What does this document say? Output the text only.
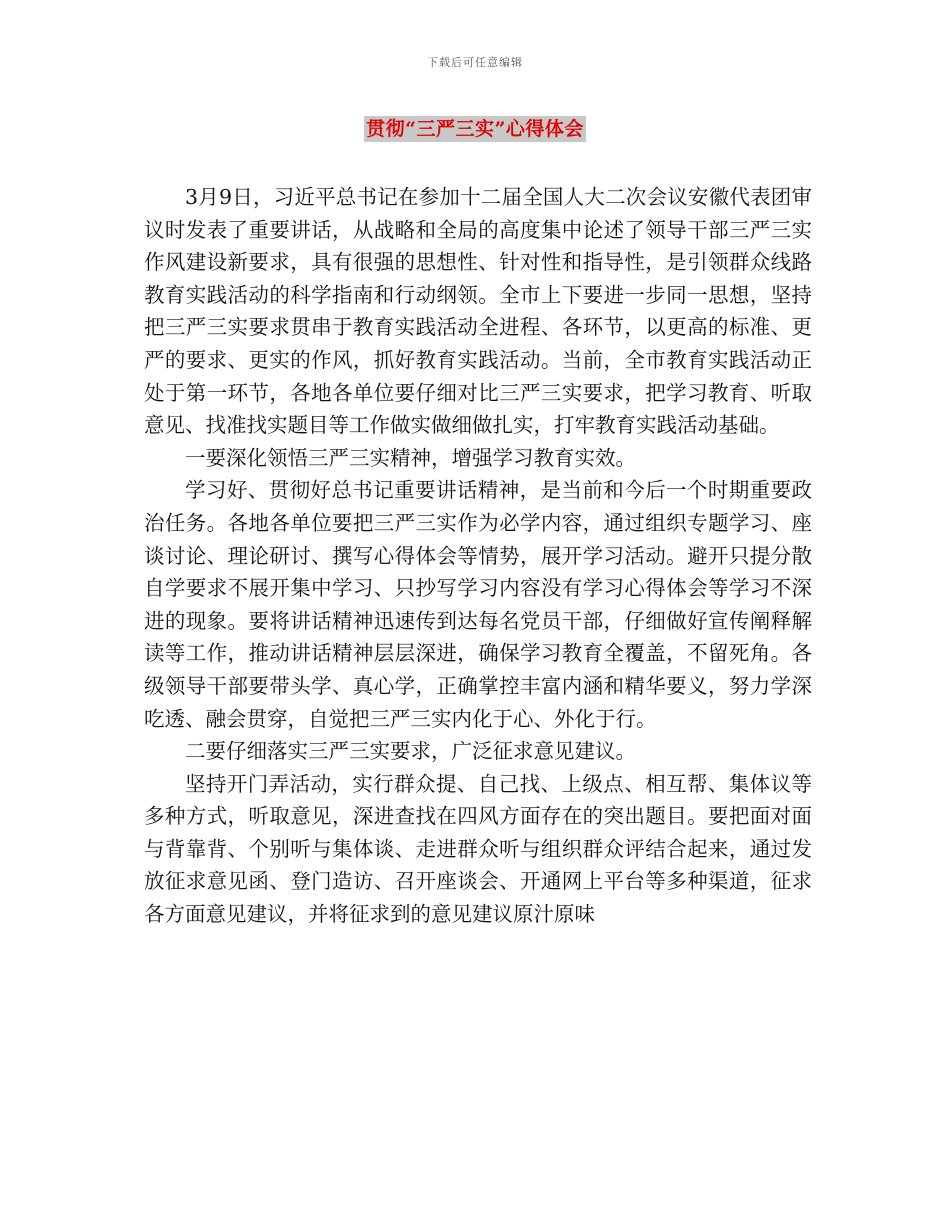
下载后可任意编辑
贯彻“三严三实”心得体会

3月9日，习近平总书记在参加十二届全国人大二次会议安徽代表团审议时发表了重要讲话，从战略和全局的高度集中论述了领导干部三严三实作风建设新要求，具有很强的思想性、针对性和指导性，是引领群众线路教育实践活动的科学指南和行动纲领。全市上下要进一步同一思想，坚持把三严三实要求贯串于教育实践活动全进程、各环节，以更高的标准、更严的要求、更实的作风，抓好教育实践活动。当前，全市教育实践活动正处于第一环节，各地各单位要仔细对比三严三实要求，把学习教育、听取意见、找准找实题目等工作做实做细做扎实，打牢教育实践活动基础。

一要深化领悟三严三实精神，增强学习教育实效。

学习好、贯彻好总书记重要讲话精神，是当前和今后一个时期重要政治任务。各地各单位要把三严三实作为必学内容，通过组织专题学习、座谈讨论、理论研讨、撰写心得体会等情势，展开学习活动。避开只提分散自学要求不展开集中学习、只抄写学习内容没有学习心得体会等学习不深进的现象。要将讲话精神迅速传到达每名党员干部，仔细做好宣传阐释解读等工作，推动讲话精神层层深进，确保学习教育全覆盖，不留死角。各级领导干部要带头学、真心学，正确掌控丰富内涵和精华要义，努力学深吃透、融会贯穿，自觉把三严三实内化于心、外化于行。

二要仔细落实三严三实要求，广泛征求意见建议。

坚持开门弄活动，实行群众提、自己找、上级点、相互帮、集体议等多种方式，听取意见，深进查找在四风方面存在的突出题目。要把面对面与背靠背、个别听与集体谈、走进群众听与组织群众评结合起来，通过发放征求意见函、登门造访、召开座谈会、开通网上平台等多种渠道，征求各方面意见建议，并将征求到的意见建议原汁原味
